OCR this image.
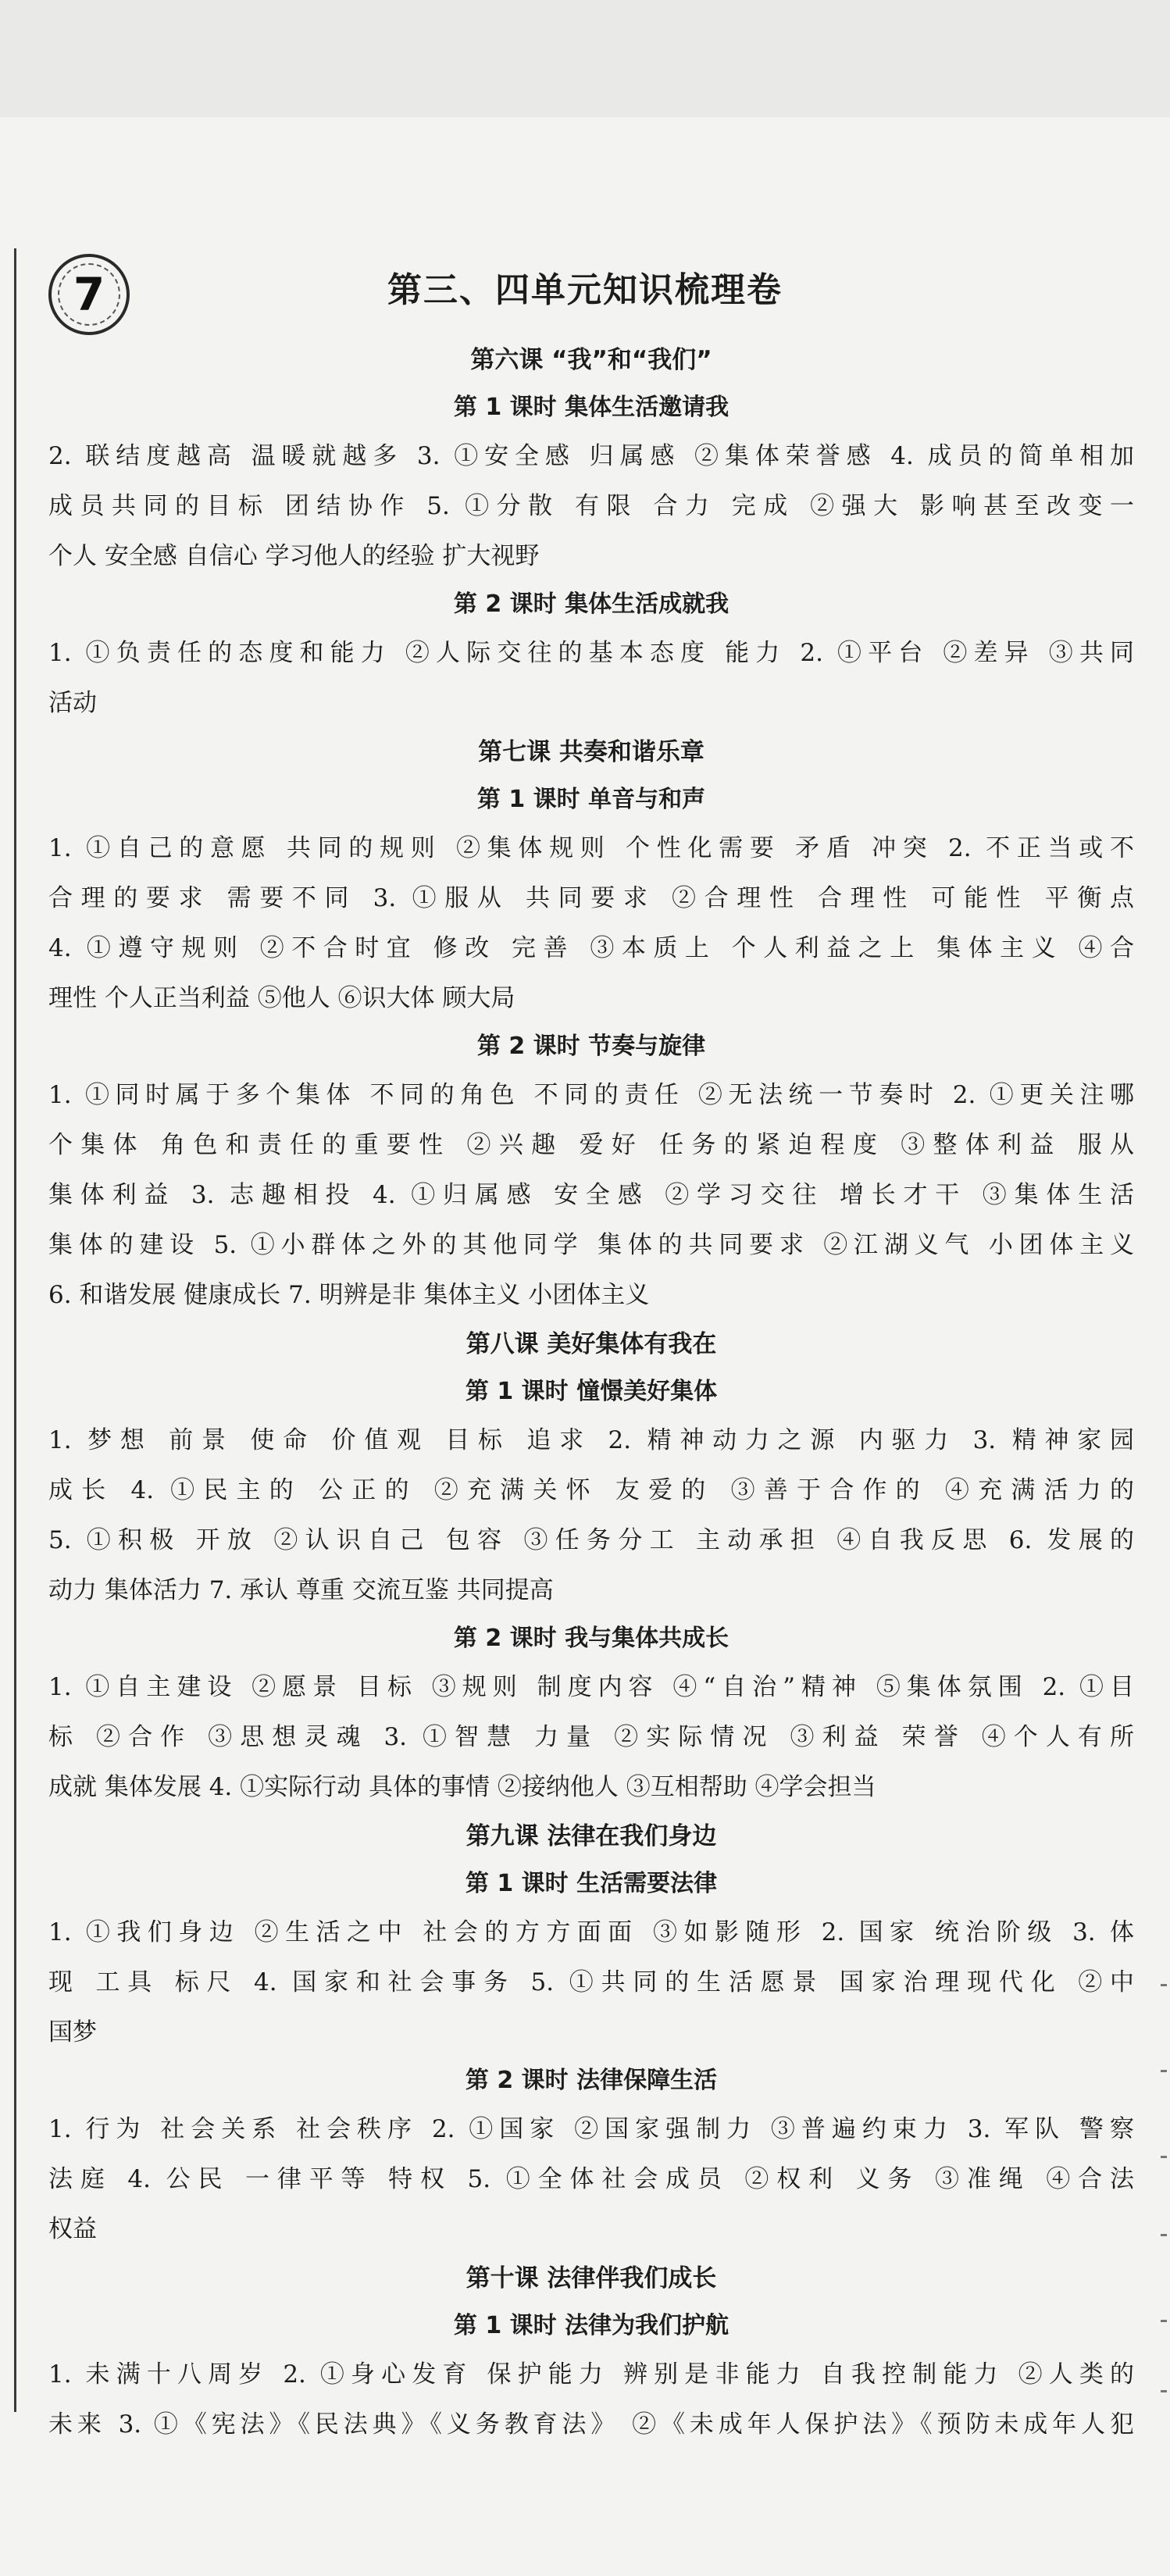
7	第三、四单元知识梳理卷
第六课 “我”和“我们”
第 1 课时 集体生活邀请我
2. 联结度越高 温暖就越多 3. ①安全感 归属感 ②集体荣誉感 4. 成员的简单相加
成员共同的目标 团结协作 5. ①分散 有限 合力 完成 ②强大 影响甚至改变一
个人 安全感 自信心 学习他人的经验 扩大视野
第 2 课时 集体生活成就我
1. ①负责任的态度和能力 ②人际交往的基本态度 能力 2. ①平台 ②差异 ③共同
活动
第七课 共奏和谐乐章
第 1 课时 单音与和声
1. ①自己的意愿 共同的规则 ②集体规则 个性化需要 矛盾 冲突 2. 不正当或不
合理的要求 需要不同 3. ①服从 共同要求 ②合理性 合理性 可能性 平衡点
4. ①遵守规则 ②不合时宜 修改 完善 ③本质上 个人利益之上 集体主义 ④合
理性 个人正当利益 ⑤他人 ⑥识大体 顾大局
第 2 课时 节奏与旋律
1. ①同时属于多个集体 不同的角色 不同的责任 ②无法统一节奏时 2. ①更关注哪
个集体 角色和责任的重要性 ②兴趣 爱好 任务的紧迫程度 ③整体利益 服从
集体利益 3. 志趣相投 4. ①归属感 安全感 ②学习交往 增长才干 ③集体生活
集体的建设 5. ①小群体之外的其他同学 集体的共同要求 ②江湖义气 小团体主义
6. 和谐发展 健康成长 7. 明辨是非 集体主义 小团体主义
第八课 美好集体有我在
第 1 课时 憧憬美好集体
1. 梦想 前景 使命 价值观 目标 追求 2. 精神动力之源 内驱力 3. 精神家园
成长 4. ①民主的 公正的 ②充满关怀 友爱的 ③善于合作的 ④充满活力的
5. ①积极 开放 ②认识自己 包容 ③任务分工 主动承担 ④自我反思 6. 发展的
动力 集体活力 7. 承认 尊重 交流互鉴 共同提高
第 2 课时 我与集体共成长
1. ①自主建设 ②愿景 目标 ③规则 制度内容 ④“自治”精神 ⑤集体氛围 2. ①目
标 ②合作 ③思想灵魂 3. ①智慧 力量 ②实际情况 ③利益 荣誉 ④个人有所
成就 集体发展 4. ①实际行动 具体的事情 ②接纳他人 ③互相帮助 ④学会担当
第九课 法律在我们身边
第 1 课时 生活需要法律
1. ①我们身边 ②生活之中 社会的方方面面 ③如影随形 2. 国家 统治阶级 3. 体
现 工具 标尺 4. 国家和社会事务 5. ①共同的生活愿景 国家治理现代化 ②中
国梦
第 2 课时 法律保障生活
1. 行为 社会关系 社会秩序 2. ①国家 ②国家强制力 ③普遍约束力 3. 军队 警察
法庭 4. 公民 一律平等 特权 5. ①全体社会成员 ②权利 义务 ③准绳 ④合法
权益
第十课 法律伴我们成长
第 1 课时 法律为我们护航
1. 未满十八周岁 2. ①身心发育 保护能力 辨别是非能力 自我控制能力 ②人类的
未来 3. ①《宪法》《民法典》《义务教育法》 ②《未成年人保护法》《预防未成年人犯
